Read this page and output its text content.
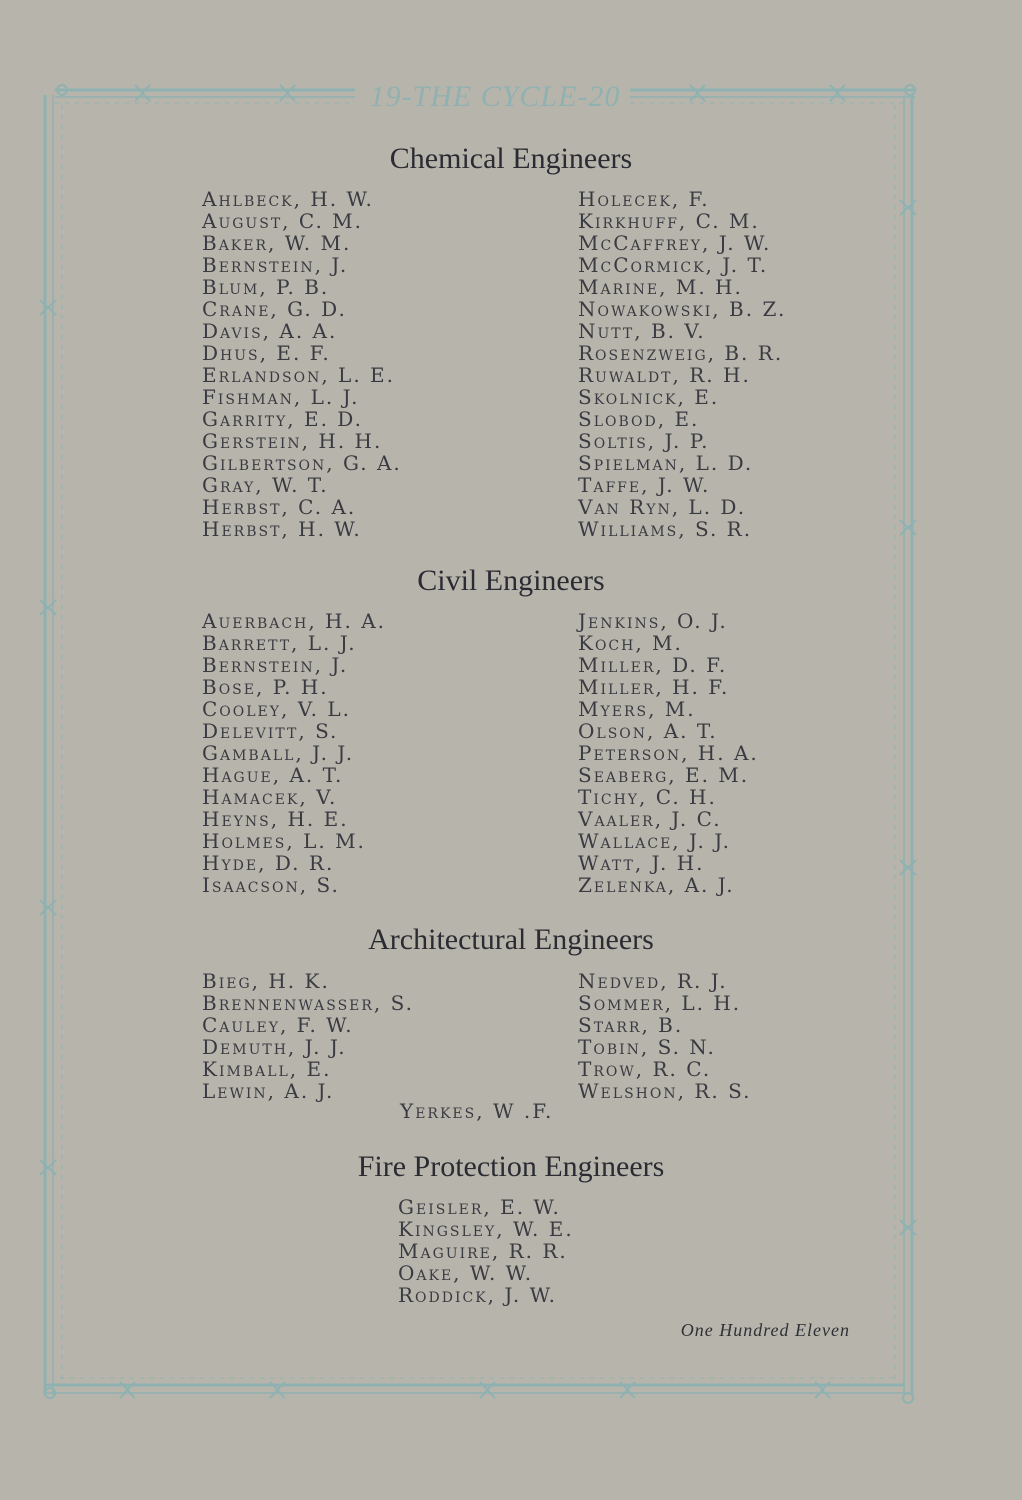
19-THE CYCLE-20
Chemical Engineers
Ahlbeck, H. W.
August, C. M.
Baker, W. M.
Bernstein, J.
Blum, P. B.
Crane, G. D.
Davis, A. A.
Dhus, E. F.
Erlandson, L. E.
Fishman, L. J.
Garrity, E. D.
Gerstein, H. H.
Gilbertson, G. A.
Gray, W. T.
Herbst, C. A.
Herbst, H. W.
Holecek, F.
Kirkhuff, C. M.
McCaffrey, J. W.
McCormick, J. T.
Marine, M. H.
Nowakowski, B. Z.
Nutt, B. V.
Rosenzweig, B. R.
Ruwaldt, R. H.
Skolnick, E.
Slobod, E.
Soltis, J. P.
Spielman, L. D.
Taffe, J. W.
Van Ryn, L. D.
Williams, S. R.
Civil Engineers
Auerbach, H. A.
Barrett, L. J.
Bernstein, J.
Bose, P. H.
Cooley, V. L.
Delevitt, S.
Gamball, J. J.
Hague, A. T.
Hamacek, V.
Heyns, H. E.
Holmes, L. M.
Hyde, D. R.
Isaacson, S.
Jenkins, O. J.
Koch, M.
Miller, D. F.
Miller, H. F.
Myers, M.
Olson, A. T.
Peterson, H. A.
Seaberg, E. M.
Tichy, C. H.
Vaaler, J. C.
Wallace, J. J.
Watt, J. H.
Zelenka, A. J.
Architectural Engineers
Bieg, H. K.
Brennenwasser, S.
Cauley, F. W.
Demuth, J. J.
Kimball, E.
Lewin, A. J.
Nedved, R. J.
Sommer, L. H.
Starr, B.
Tobin, S. N.
Trow, R. C.
Welshon, R. S.
Yerkes, W .F.
Fire Protection Engineers
Geisler, E. W.
Kingsley, W. E.
Maguire, R. R.
Oake, W. W.
Roddick, J. W.
One Hundred Eleven
